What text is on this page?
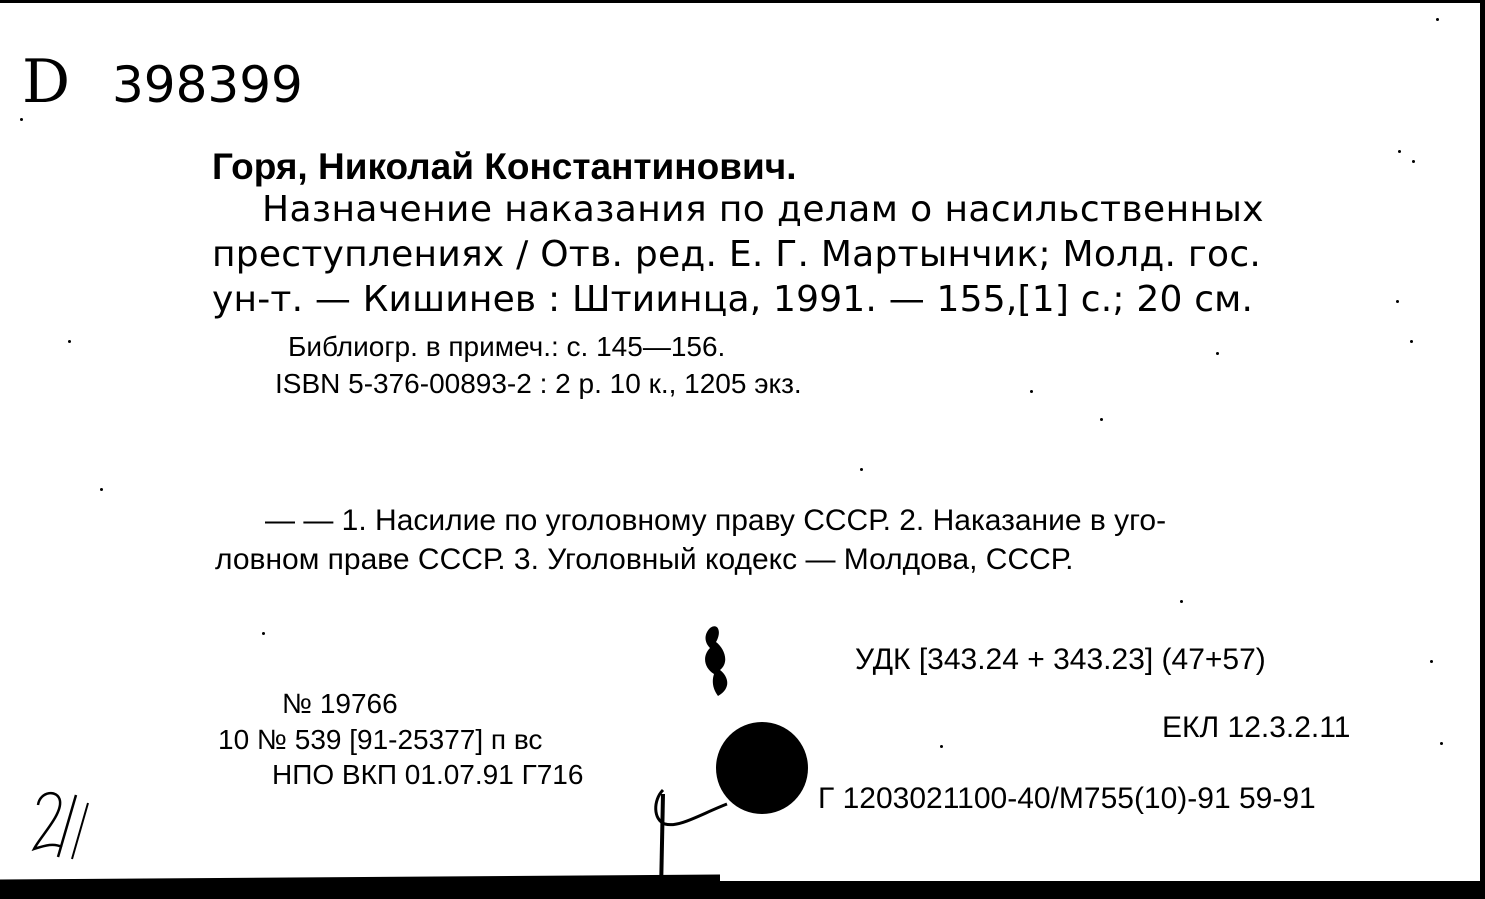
D 398399
Горя, Николай Константинович.
Назначение наказания по делам о насильственных
преступлениях / Отв. ред. Е. Г. Мартынчик; Молд. гос.
ун-т. — Кишинев : Штиинца, 1991. — 155,[1] с.; 20 см.
Библиогр. в примеч.: с. 145—156.
ISBN 5-376-00893-2 : 2 р. 10 к., 1205 экз.
— — 1. Насилие по уголовному праву СССР. 2. Наказание в уго-
ловном праве СССР. 3. Уголовный кодекс — Молдова, СССР.
УДК [343.24 + 343.23] (47+57)
ЕКЛ 12.3.2.11
Г 1203021100-40/М755(10)-91 59-91
№ 19766
10 № 539 [91-25377] п вс
НПО ВКП 01.07.91 Г716
